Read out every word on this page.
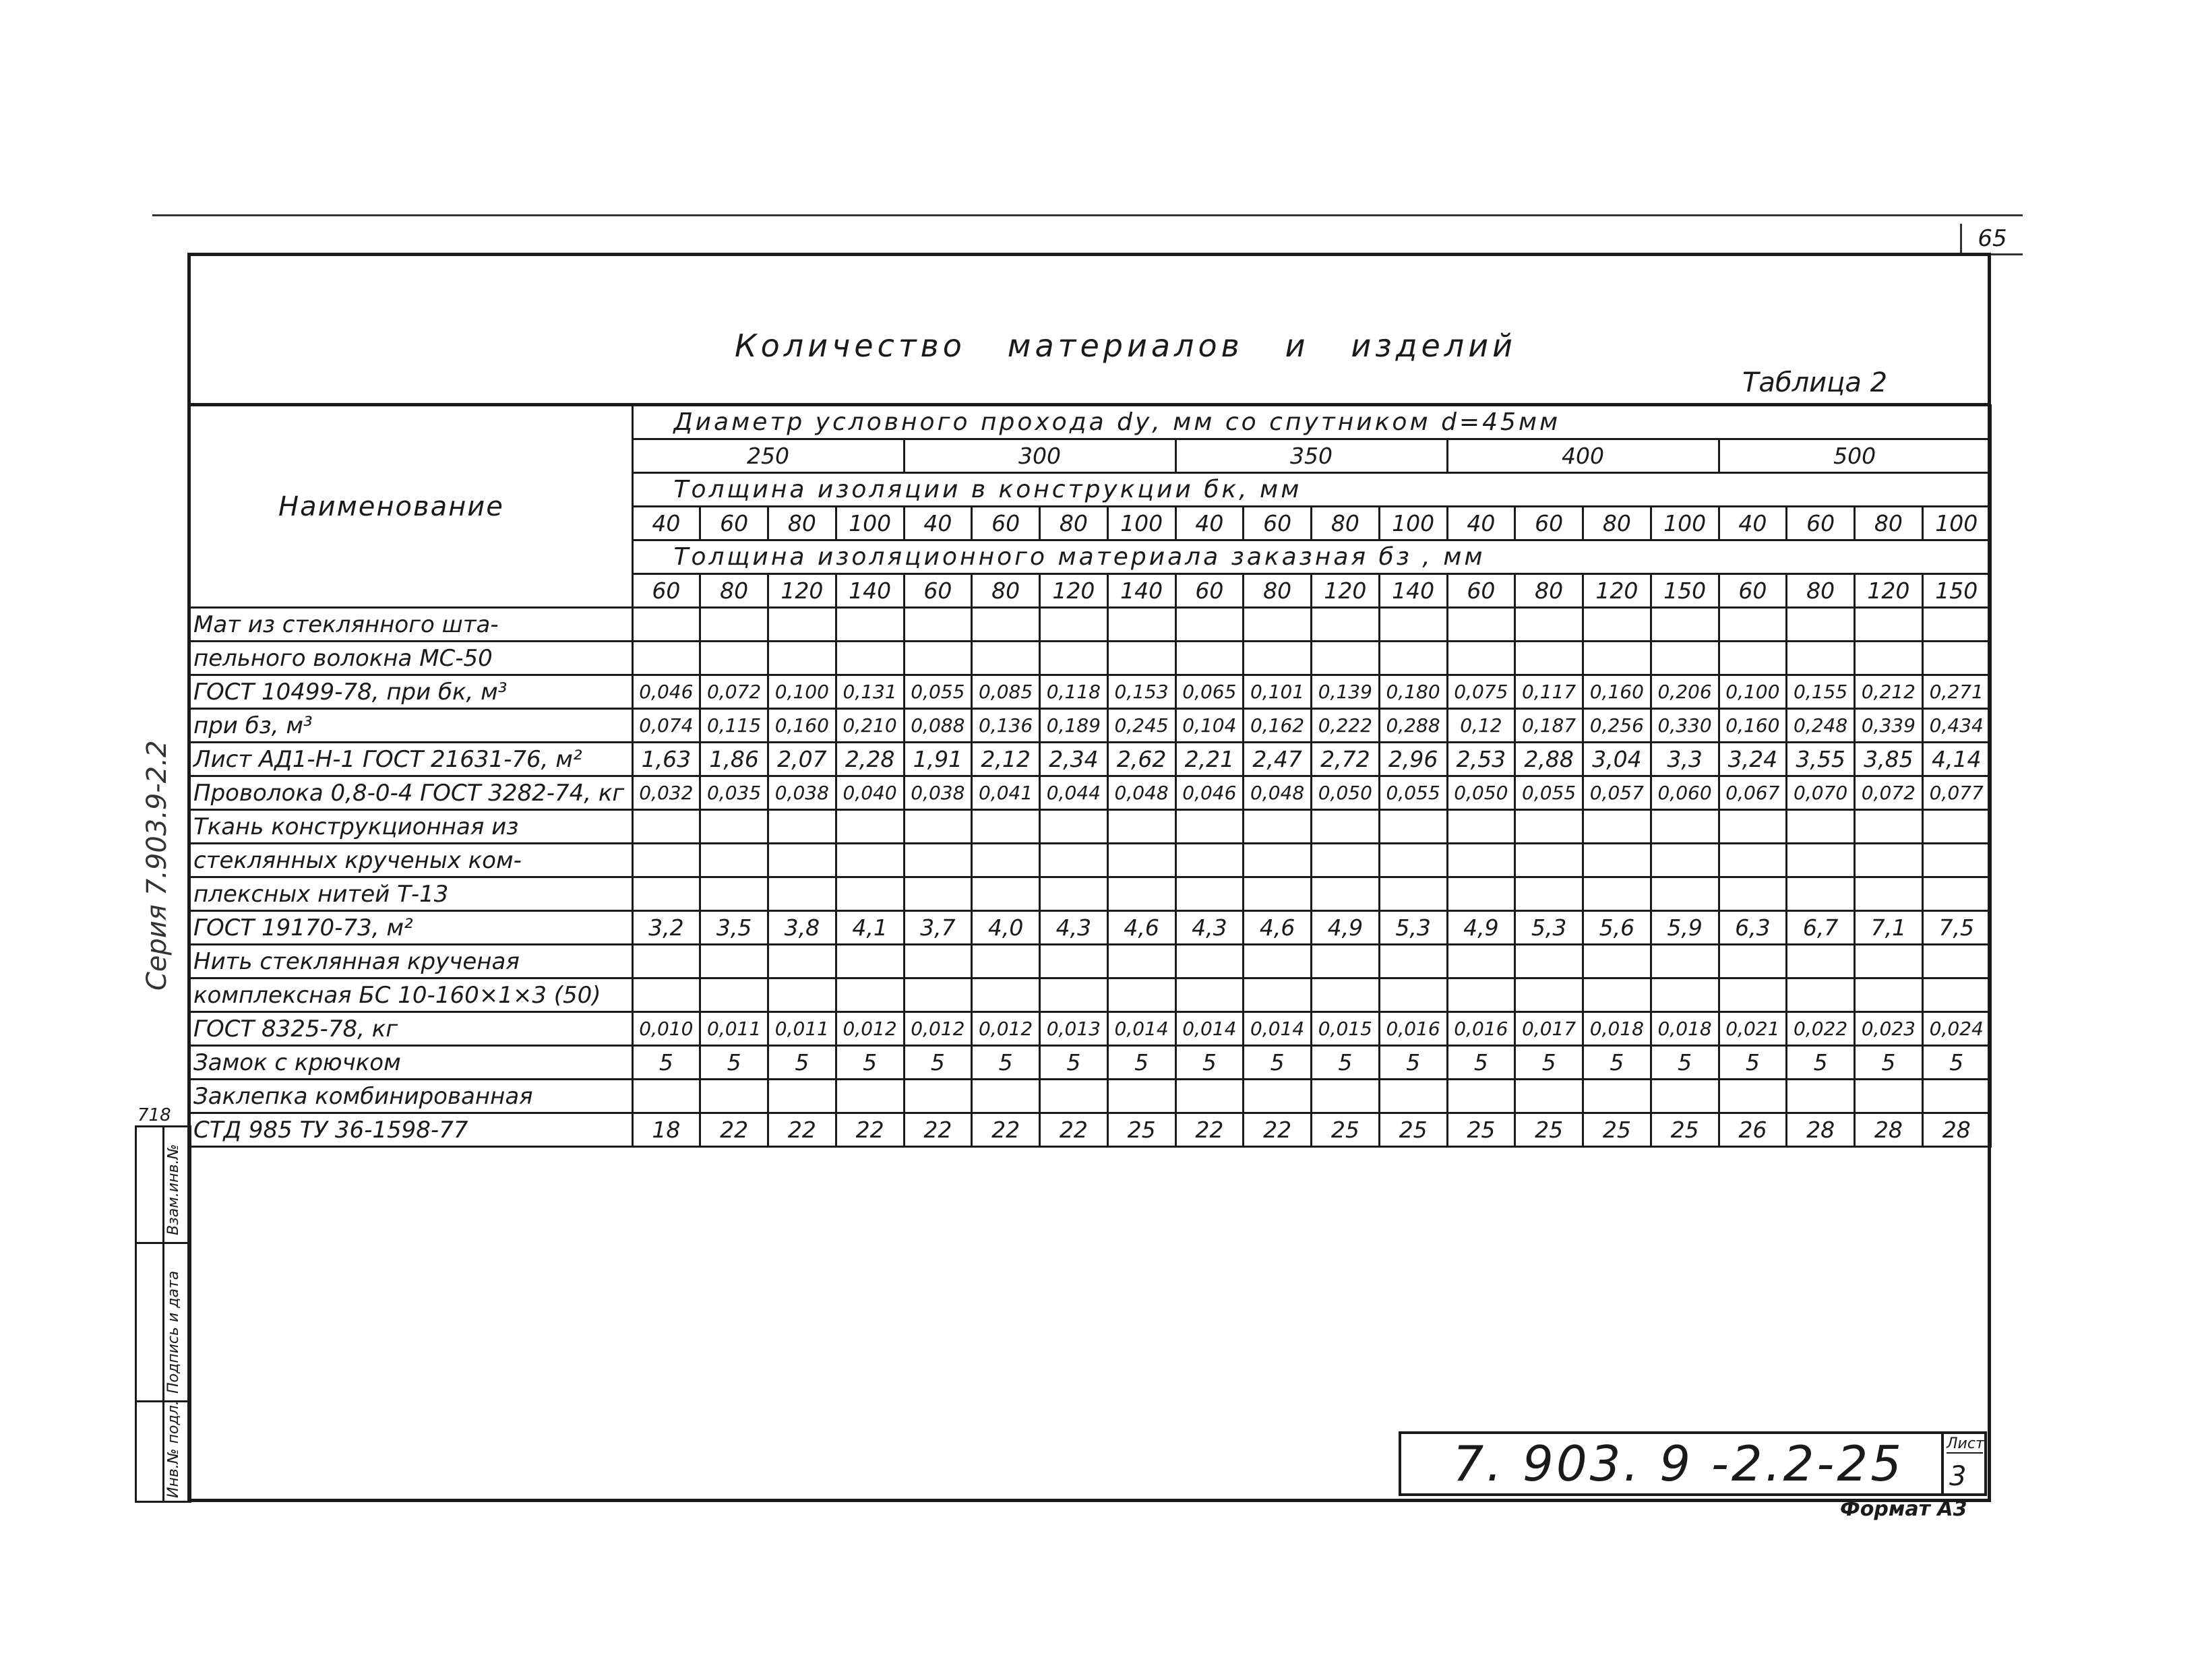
65
Количество   материалов   и   изделий
Таблица 2
Наименование	Диаметр условного прохода dу, мм со спутником d=45мм																			
	250				300				350				400				500			
	Толщина изоляции в конструкции бк, мм																			
	40	60	80	100	40	60	80	100	40	60	80	100	40	60	80	100	40	60	80	100
	Толщина изоляционного материала заказная бз , мм																			
	60	80	120	140	60	80	120	140	60	80	120	140	60	80	120	150	60	80	120	150
Мат из стеклянного шта-																				
пельного волокна МС-50																				
ГОСТ 10499-78, при бк, м³	0,046	0,072	0,100	0,131	0,055	0,085	0,118	0,153	0,065	0,101	0,139	0,180	0,075	0,117	0,160	0,206	0,100	0,155	0,212	0,271
при бз, м³	0,074	0,115	0,160	0,210	0,088	0,136	0,189	0,245	0,104	0,162	0,222	0,288	0,12	0,187	0,256	0,330	0,160	0,248	0,339	0,434
Лист АД1-Н-1 ГОСТ 21631-76, м²	1,63	1,86	2,07	2,28	1,91	2,12	2,34	2,62	2,21	2,47	2,72	2,96	2,53	2,88	3,04	3,3	3,24	3,55	3,85	4,14
Проволока 0,8-0-4 ГОСТ 3282-74, кг	0,032	0,035	0,038	0,040	0,038	0,041	0,044	0,048	0,046	0,048	0,050	0,055	0,050	0,055	0,057	0,060	0,067	0,070	0,072	0,077
Ткань конструкционная из																				
стеклянных крученых ком-																				
плексных нитей Т-13																				
ГОСТ 19170-73, м²	3,2	3,5	3,8	4,1	3,7	4,0	4,3	4,6	4,3	4,6	4,9	5,3	4,9	5,3	5,6	5,9	6,3	6,7	7,1	7,5
Нить стеклянная крученая																				
комплексная БС 10-160×1×3 (50)																				
ГОСТ 8325-78, кг	0,010	0,011	0,011	0,012	0,012	0,012	0,013	0,014	0,014	0,014	0,015	0,016	0,016	0,017	0,018	0,018	0,021	0,022	0,023	0,024
Замок с крючком	5	5	5	5	5	5	5	5	5	5	5	5	5	5	5	5	5	5	5	5
Заклепка комбинированная																				
СТД 985 ТУ 36-1598-77	18	22	22	22	22	22	22	25	22	22	25	25	25	25	25	25	26	28	28	28
Серия 7.903.9-2.2
718
Инв.№ подл.
Подпись и дата
Взам.инв.№
7. 903. 9 -2.2-25	Лист
3
Формат А3
